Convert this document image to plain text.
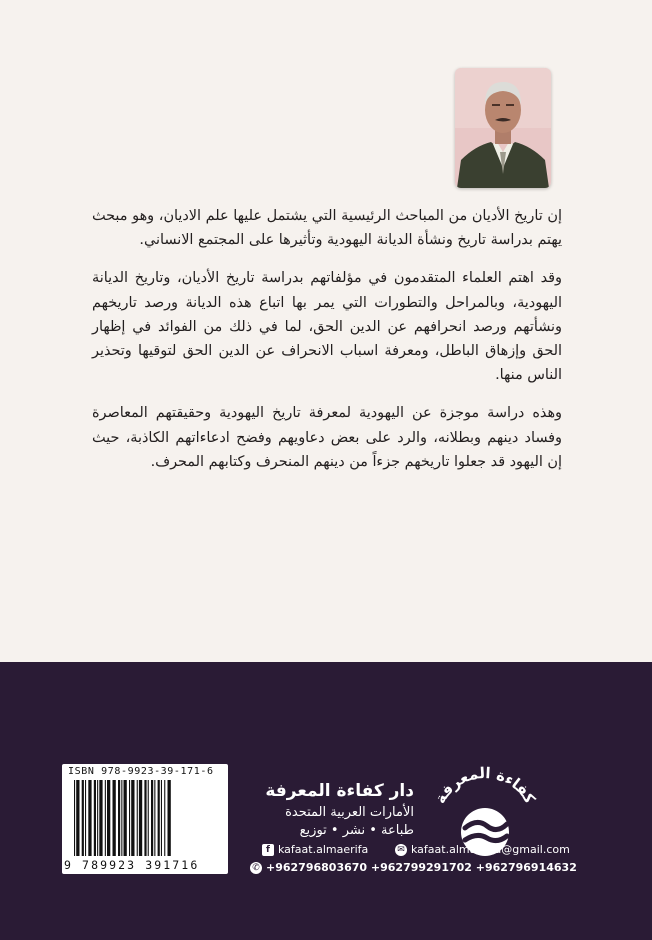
إن تاريخ الأديان من المباحث الرئيسية التي يشتمل عليها علم الاديان، وهو مبحث يهتم بدراسة تاريخ ونشأة الديانة اليهودية وتأثيرها على المجتمع الانساني.

وقد اهتم العلماء المتقدمون في مؤلفاتهم بدراسة تاريخ الأديان، وتاريخ الديانة اليهودية، وبالمراحل والتطورات التي يمر بها اتباع هذه الديانة ورصد تاريخهم ونشأتهم ورصد انحرافهم عن الدين الحق، لما في ذلك من الفوائد في إظهار الحق وإزهاق الباطل، ومعرفة اسباب الانحراف عن الدين الحق لتوقيها وتحذير الناس منها.

وهذه دراسة موجزة عن اليهودية لمعرفة تاريخ اليهودية وحقيقتهم المعاصرة وفساد دينهم وبطلانه، والرد على بعض دعاويهم وفضح ادعاءاتهم الكاذبة، حيث إن اليهود قد جعلوا تاريخهم جزءاً من دينهم المنحرف وكتابهم المحرف.

ISBN 978-9923-39-171-6
9 789923 391716
دار كفاءة المعرفة
الأمارات العربية المتحدة
طباعة • نشر • توزيع
كفاءة المعرفة
f kafaat.almaerifa	✉ kafaat.almaerifa@gmail.com
✆ +962796803670 +962799291702 +962796914632
